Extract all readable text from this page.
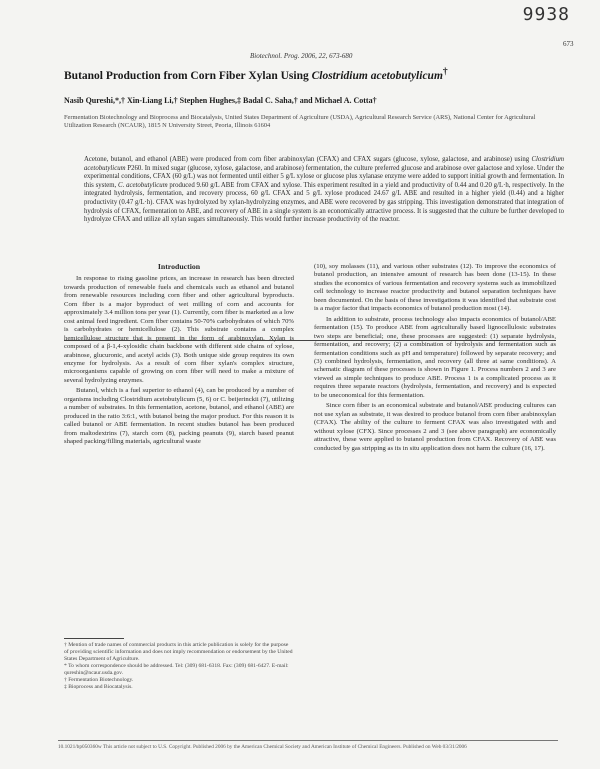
9938
Biotechnol. Prog. 2006, 22, 673-680
673
Butanol Production from Corn Fiber Xylan Using Clostridium acetobutylicum†
Nasib Qureshi,*,† Xin-Liang Li,† Stephen Hughes,‡ Badal C. Saha,† and Michael A. Cotta†
Fermentation Biotechnology and Bioprocess and Biocatalysis, United States Department of Agriculture (USDA), Agricultural Research Service (ARS), National Center for Agricultural Utilization Research (NCAUR), 1815 N University Street, Peoria, Illinois 61604
Acetone, butanol, and ethanol (ABE) were produced from corn fiber arabinoxylan (CFAX) and CFAX sugars (glucose, xylose, galactose, and arabinose) using Clostridium acetobutylicum P260. In mixed sugar (glucose, xylose, galactose, and arabinose) fermentation, the culture preferred glucose and arabinose over galactose and xylose. Under the experimental conditions, CFAX (60 g/L) was not fermented until either 5 g/L xylose or glucose plus xylanase enzyme were added to support initial growth and fermentation. In this system, C. acetobutylicum produced 9.60 g/L ABE from CFAX and xylose. This experiment resulted in a yield and productivity of 0.44 and 0.20 g/L·h, respectively. In the integrated hydrolysis, fermentation, and recovery process, 60 g/L CFAX and 5 g/L xylose produced 24.67 g/L ABE and resulted in a higher yield (0.44) and a higher productivity (0.47 g/L·h). CFAX was hydrolyzed by xylan-hydrolyzing enzymes, and ABE were recovered by gas stripping. This investigation demonstrated that integration of hydrolysis of CFAX, fermentation to ABE, and recovery of ABE in a single system is an economically attractive process. It is suggested that the culture be further developed to hydrolyze CFAX and utilize all xylan sugars simultaneously. This would further increase productivity of the reactor.
Introduction

In response to rising gasoline prices, an increase in research has been directed towards production of renewable fuels and chemicals such as ethanol and butanol from renewable resources including corn fiber and other agricultural byproducts. Corn fiber is a major byproduct of wet milling of corn and accounts for approximately 3.4 million tons per year (1). Currently, corn fiber is marketed as a low cost animal feed ingredient. Corn fiber contains 50-70% carbohydrates of which 70% is carbohydrates or hemicellulose (2). This substrate contains a complex hemicellulose structure that is present in the form of arabinoxylan. Xylan is composed of a β-1,4-xylosidic chain backbone with different side chains of xylose, arabinose, glucuronic, and acetyl acids (3). Both unique side group requires its own enzyme for hydrolysis. As a result of corn fiber xylan's complex structure, microorganisms capable of growing on corn fiber will need to make a mixture of several hydrolyzing enzymes.

Butanol, which is a fuel superior to ethanol (4), can be produced by a number of organisms including Clostridium acetobutylicum (5, 6) or C. beijerinckii (7), utilizing a number of substrates. In this fermentation, acetone, butanol, and ethanol (ABE) are produced in the ratio 3:6:1, with butanol being the major product. For this reason it is called butanol or ABE fermentation. In recent studies butanol has been produced from maltodextrins (7), starch corn (8), packing peanuts (9), starch based peanut shaped packing/filling materials, agricultural waste

† Mention of trade names of commercial products in this article publication is solely for the purpose of providing scientific information and does not imply recommendation or endorsement by the United States Department of Agriculture.
* To whom correspondence should be addressed. Tel: (309) 681-6318. Fax: (309) 681-6427. E-mail: qureshin@ncaur.usda.gov.
† Fermentation Biotechnology.
‡ Bioprocess and Biocatalysis.

(10), soy molasses (11), and various other substrates (12). To improve the economics of butanol production, an intensive amount of research has been done (13-15). In these studies the economics of various fermentation and recovery systems such as immobilized cell technology to increase reactor productivity and butanol separation techniques have been documented. On the basis of these investigations it was identified that substrate cost is a major factor that impacts economics of butanol production most (14).

In addition to substrate, process technology also impacts economics of butanol/ABE fermentation (15). To produce ABE from agriculturally based lignocellulosic substrates two steps are beneficial; one, these processes are suggested: (1) separate hydrolysis, fermentation, and recovery; (2) a combination of hydrolysis and fermentation such as fermentation conditions such as pH and temperature) followed by separate recovery; and (3) combined hydrolysis, fermentation, and recovery (all three at same conditions). A schematic diagram of these processes is shown in Figure 1. Process numbers 2 and 3 are viewed as simple techniques to produce ABE. Process 1 is a complicated process as it requires three separate reactors (hydrolysis, fermentation, and recovery) and is expected to be uneconomical for this fermentation.

Since corn fiber is an economical substrate and butanol/ABE producing cultures can not use xylan as substrate, it was desired to produce butanol from corn fiber arabinoxylan (CFAX). The ability of the culture to ferment CFAX was also investigated with and without xylose (CFX). Since processes 2 and 3 (see above paragraph) are economically attractive, these were applied to butanol production from CFAX. Recovery of ABE was conducted by gas stripping as its in situ application does not harm the culture (16, 17).

10.1021/bp050360w This article not subject to U.S. Copyright. Published 2006 by the American Chemical Society and American Institute of Chemical Engineers. Published on Web 03/31/2006
